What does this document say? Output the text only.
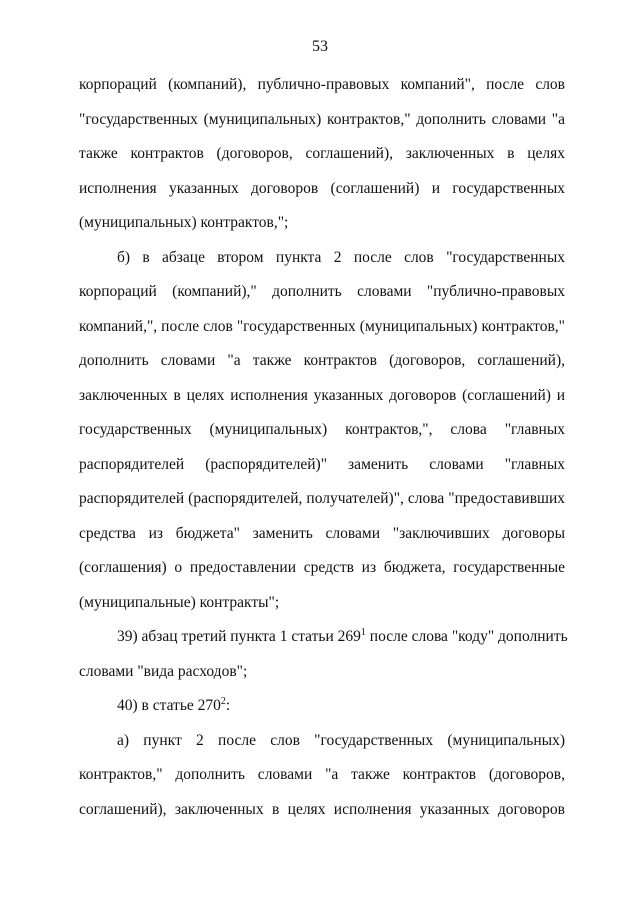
53
корпораций (компаний), публично-правовых компаний", после слов
"государственных (муниципальных) контрактов," дополнить словами "а
также контрактов (договоров, соглашений), заключенных в целях
исполнения указанных договоров (соглашений) и государственных
(муниципальных) контрактов,";
б) в абзаце втором пункта 2 после слов "государственных
корпораций (компаний)," дополнить словами "публично-правовых
компаний,", после слов "государственных (муниципальных) контрактов,"
дополнить словами "а также контрактов (договоров, соглашений),
заключенных в целях исполнения указанных договоров (соглашений) и
государственных (муниципальных) контрактов,", слова "главных
распорядителей (распорядителей)" заменить словами "главных
распорядителей (распорядителей, получателей)", слова "предоставивших
средства из бюджета" заменить словами "заключивших договоры
(соглашения) о предоставлении средств из бюджета, государственные
(муниципальные) контракты";
39) абзац третий пункта 1 статьи $269^1$ после слова "коду" дополнить
словами "вида расходов";
40) в статье $270^2$:
а) пункт 2 после слов "государственных (муниципальных)
контрактов," дополнить словами "а также контрактов (договоров,
соглашений), заключенных в целях исполнения указанных договоров
